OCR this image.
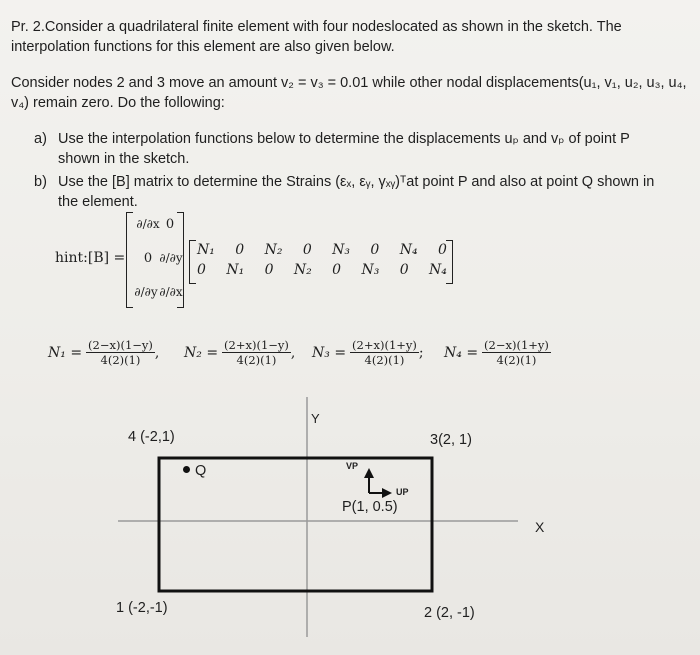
Pr. 2.Consider a quadrilateral finite element with four nodeslocated as shown in the sketch. The
interpolation functions for this element are also given below.
Consider nodes 2 and 3 move an amount v₂ = v₃ = 0.01 while other nodal displacements(u₁, v₁, u₂, u₃, u₄,
v₄) remain zero. Do the following:
a) Use the interpolation functions below to determine the displacements uₚ and vₚ of point P
shown in the sketch.
b) Use the [B] matrix to determine the Strains (εₓ, εᵧ, γₓᵧ)ᵀat point P and also at point Q shown in
the element.
hint:[B] =
∂/∂x 0
0 ∂/∂y
∂/∂y ∂/∂x
N₁ 0 N₂ 0 N₃ 0 N₄ 0
0 N₁ 0 N₂ 0 N₃ 0 N₄
$N_1 = \frac{(2-x)(1-y)}{4(2)(1)}$ , $N_2 = \frac{(2+x)(1-y)}{4(2)(1)}$ , $N_3 = \frac{(2+x)(1+y)}{4(2)(1)}$ ; $N_4 = \frac{(2-x)(1+y)}{4(2)(1)}$
Y
X
4 (-2,1)	3(2, 1)
1 (-2,-1)	2 (2, -1)
Q	VP
UP
P(1, 0.5)
